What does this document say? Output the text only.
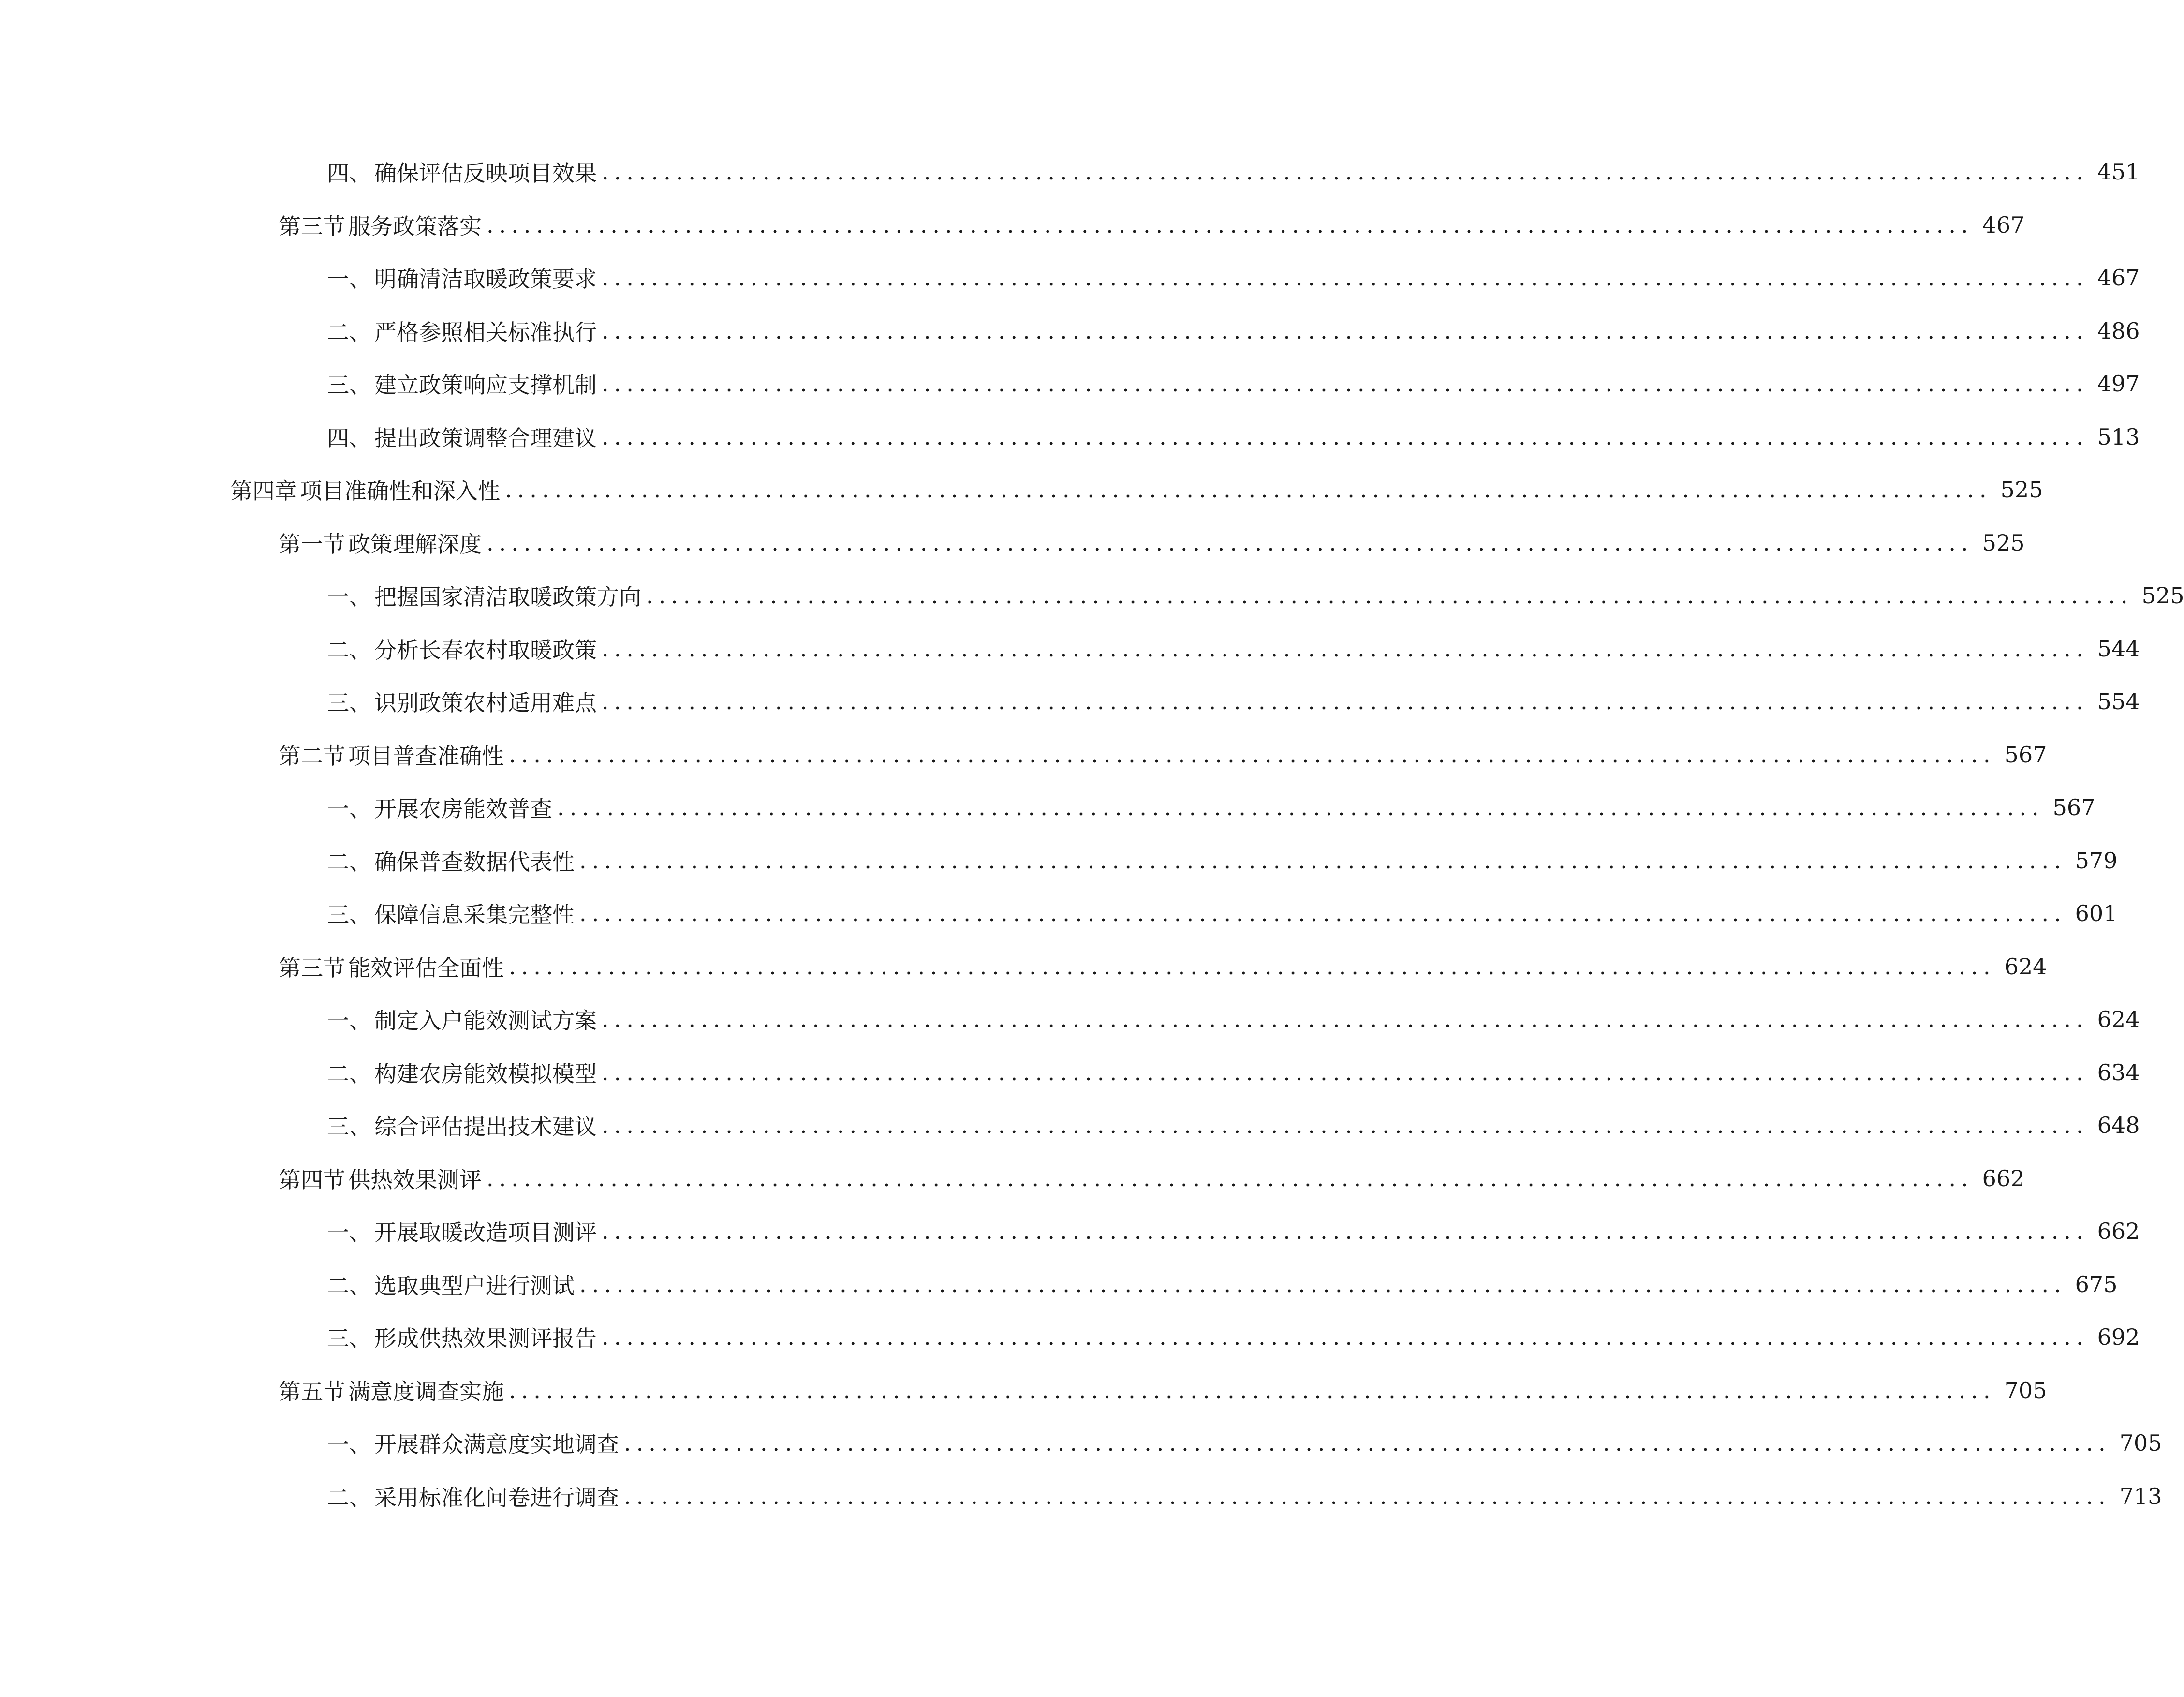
四、 确保评估反映项目效果 ........................................................................................................................ 451
第三节 服务政策落实 ........................................................................................................................ 467
一、 明确清洁取暖政策要求 ........................................................................................................................ 467
二、 严格参照相关标准执行 ........................................................................................................................ 486
三、 建立政策响应支撑机制 ........................................................................................................................ 497
四、 提出政策调整合理建议 ........................................................................................................................ 513
第四章 项目准确性和深入性 ........................................................................................................................ 525
第一节 政策理解深度 ........................................................................................................................ 525
一、 把握国家清洁取暖政策方向 ........................................................................................................................ 525
二、 分析长春农村取暖政策 ........................................................................................................................ 544
三、 识别政策农村适用难点 ........................................................................................................................ 554
第二节 项目普查准确性 ........................................................................................................................ 567
一、 开展农房能效普查 ........................................................................................................................ 567
二、 确保普查数据代表性 ........................................................................................................................ 579
三、 保障信息采集完整性 ........................................................................................................................ 601
第三节 能效评估全面性 ........................................................................................................................ 624
一、 制定入户能效测试方案 ........................................................................................................................ 624
二、 构建农房能效模拟模型 ........................................................................................................................ 634
三、 综合评估提出技术建议 ........................................................................................................................ 648
第四节 供热效果测评 ........................................................................................................................ 662
一、 开展取暖改造项目测评 ........................................................................................................................ 662
二、 选取典型户进行测试 ........................................................................................................................ 675
三、 形成供热效果测评报告 ........................................................................................................................ 692
第五节 满意度调查实施 ........................................................................................................................ 705
一、 开展群众满意度实地调查 ........................................................................................................................ 705
二、 采用标准化问卷进行调查 ........................................................................................................................ 713
